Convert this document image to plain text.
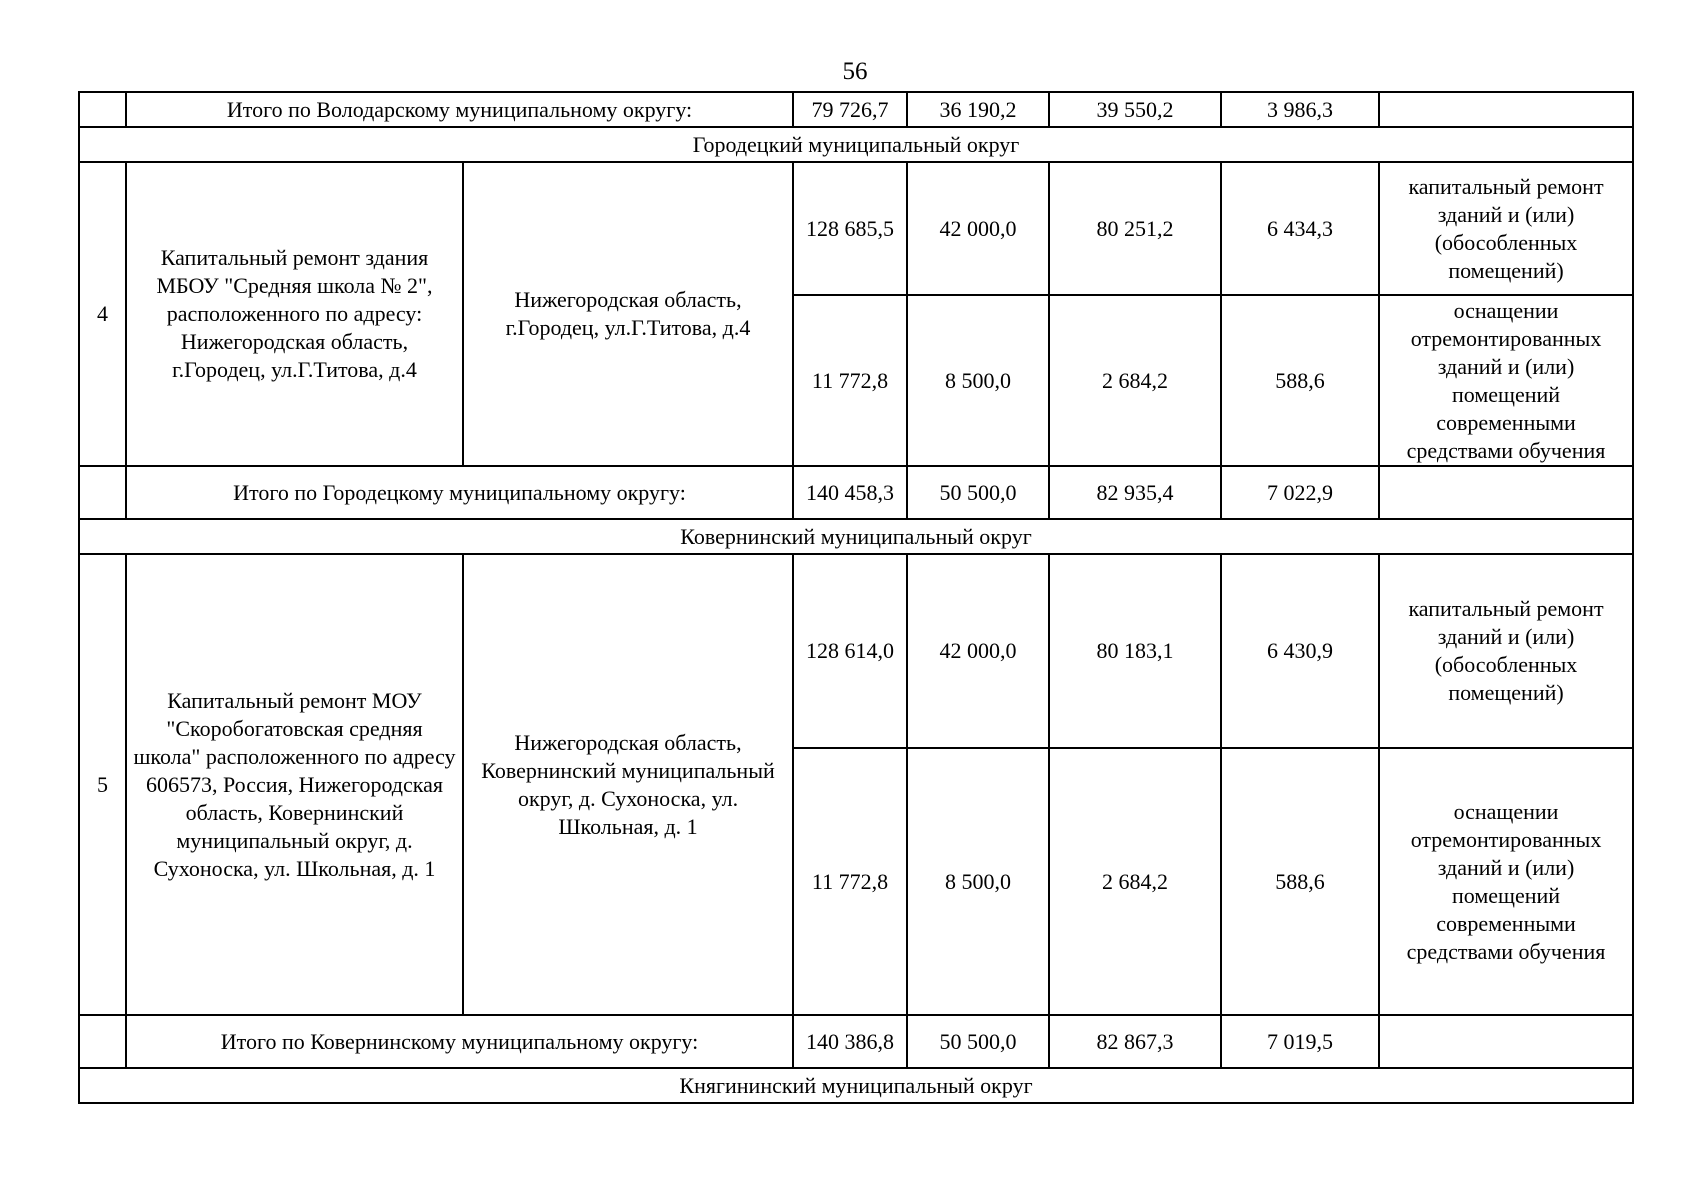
56
	Итого по Володарскому муниципальному округу:		79 726,7	36 190,2	39 550,2	3 986,3	
Городецкий муниципальный округ							
4	Капитальный ремонт здания МБОУ "Средняя школа № 2", расположенного по адресу: Нижегородская область, г.Городец, ул.Г.Титова, д.4	Нижегородская область, г.Городец, ул.Г.Титова, д.4	128 685,5	42 000,0	80 251,2	6 434,3	капитальный ремонт зданий и (или) (обособленных помещений)
			11 772,8	8 500,0	2 684,2	588,6	оснащении отремонтированных зданий и (или) помещений современными средствами обучения
	Итого по Городецкому муниципальному округу:		140 458,3	50 500,0	82 935,4	7 022,9	
Ковернинский муниципальный округ							
5	Капитальный ремонт МОУ "Скоробогатовская средняя школа" расположенного по адресу 606573, Россия, Нижегородская область, Ковернинский муниципальный округ, д. Сухоноска, ул. Школьная, д. 1	Нижегородская область, Ковернинский муниципальный округ, д. Сухоноска, ул. Школьная, д. 1	128 614,0	42 000,0	80 183,1	6 430,9	капитальный ремонт зданий и (или) (обособленных помещений)
			11 772,8	8 500,0	2 684,2	588,6	оснащении отремонтированных зданий и (или) помещений современными средствами обучения
	Итого по Ковернинскому муниципальному округу:		140 386,8	50 500,0	82 867,3	7 019,5	
Княгининский муниципальный округ							
